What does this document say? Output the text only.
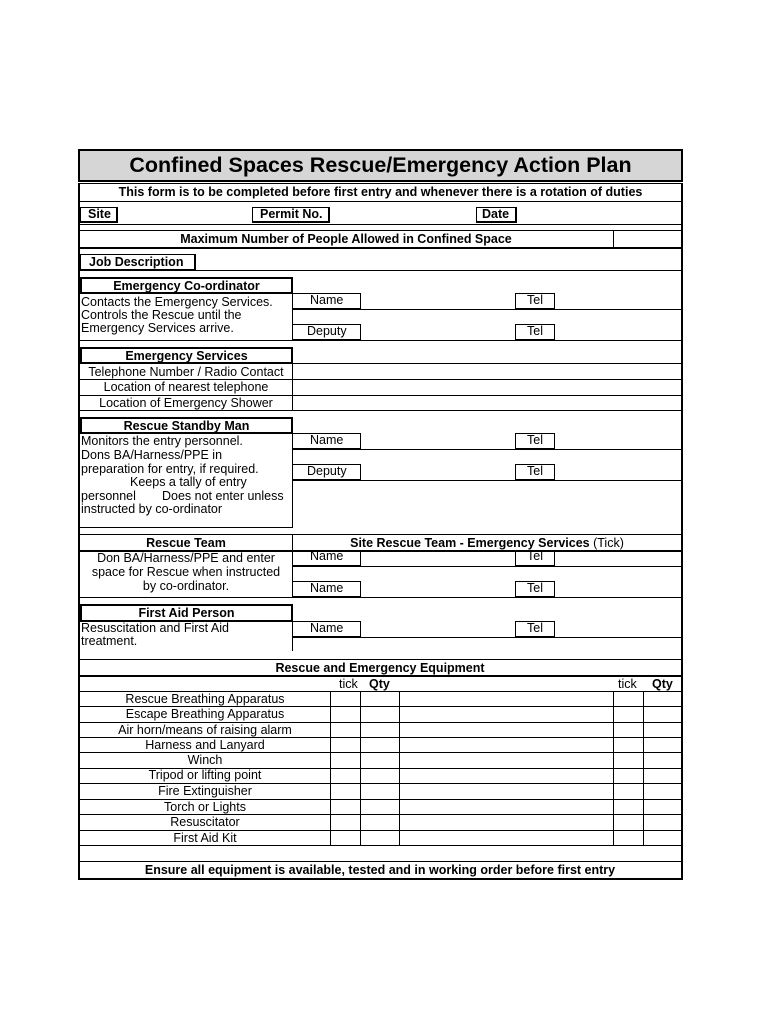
Confined Spaces Rescue/Emergency Action Plan
This form is to be completed before first entry and whenever there is a rotation of duties
Site	Permit No.	Date
Maximum Number of People Allowed in Confined Space
Job Description
Emergency Co-ordinator
Contacts the Emergency Services.
Controls the Rescue until the
Emergency Services arrive.
Name	Tel
Deputy	Tel
Emergency Services
Telephone Number / Radio Contact
Location of nearest telephone
Location of Emergency Shower
Rescue Standby Man
Monitors the entry personnel.
Dons BA/Harness/PPE in
preparation for entry, if required.
Keeps a tally of entry
personnel Does not enter unless
instructed by co-ordinator
Name	Tel
Deputy	Tel
Rescue Team	Site Rescue Team - Emergency Services (Tick)
Don BA/Harness/PPE and enter
space for Rescue when instructed
by co-ordinator.
Name	Tel
Name	Tel
First Aid Person
Resuscitation and First Aid
treatment.
Name	Tel
Rescue and Emergency Equipment
tick Qty	tick Qty
Rescue Breathing Apparatus
Escape Breathing Apparatus
Air horn/means of raising alarm
Harness and Lanyard
Winch
Tripod or lifting point
Fire Extinguisher
Torch or Lights
Resuscitator
First Aid Kit
Ensure all equipment is available, tested and in working order before first entry
